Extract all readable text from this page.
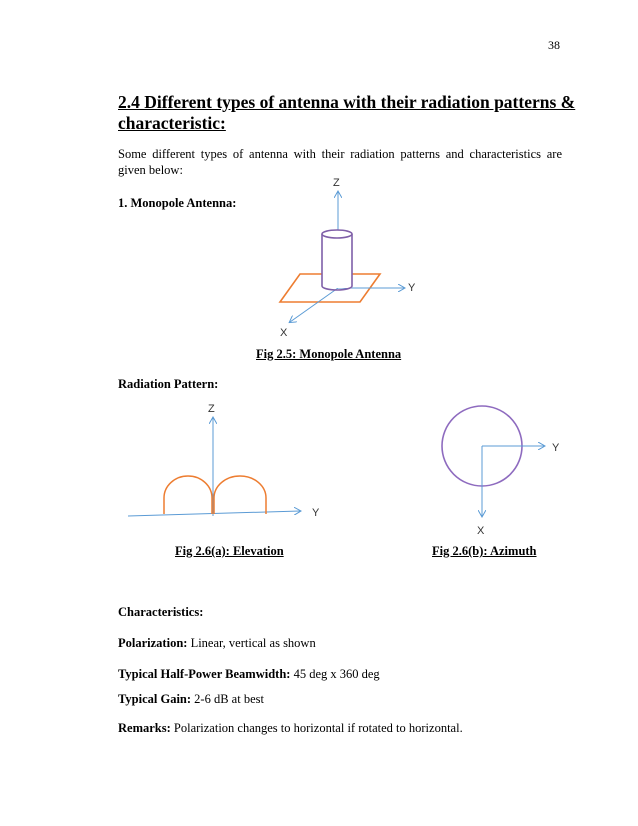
38
2.4 Different types of antenna with their radiation patterns & characteristic:

Some different types of antenna with their radiation patterns and characteristics are given below:

1. Monopole Antenna:
Z
Y
X
Fig 2.5: Monopole Antenna
Radiation Pattern:
Z
Y
Y
X
Fig 2.6(a): Elevation	Fig 2.6(b): Azimuth
Characteristics:
Polarization: Linear, vertical as shown
Typical Half-Power Beamwidth: 45 deg x 360 deg
Typical Gain: 2-6 dB at best
Remarks: Polarization changes to horizontal if rotated to horizontal.
